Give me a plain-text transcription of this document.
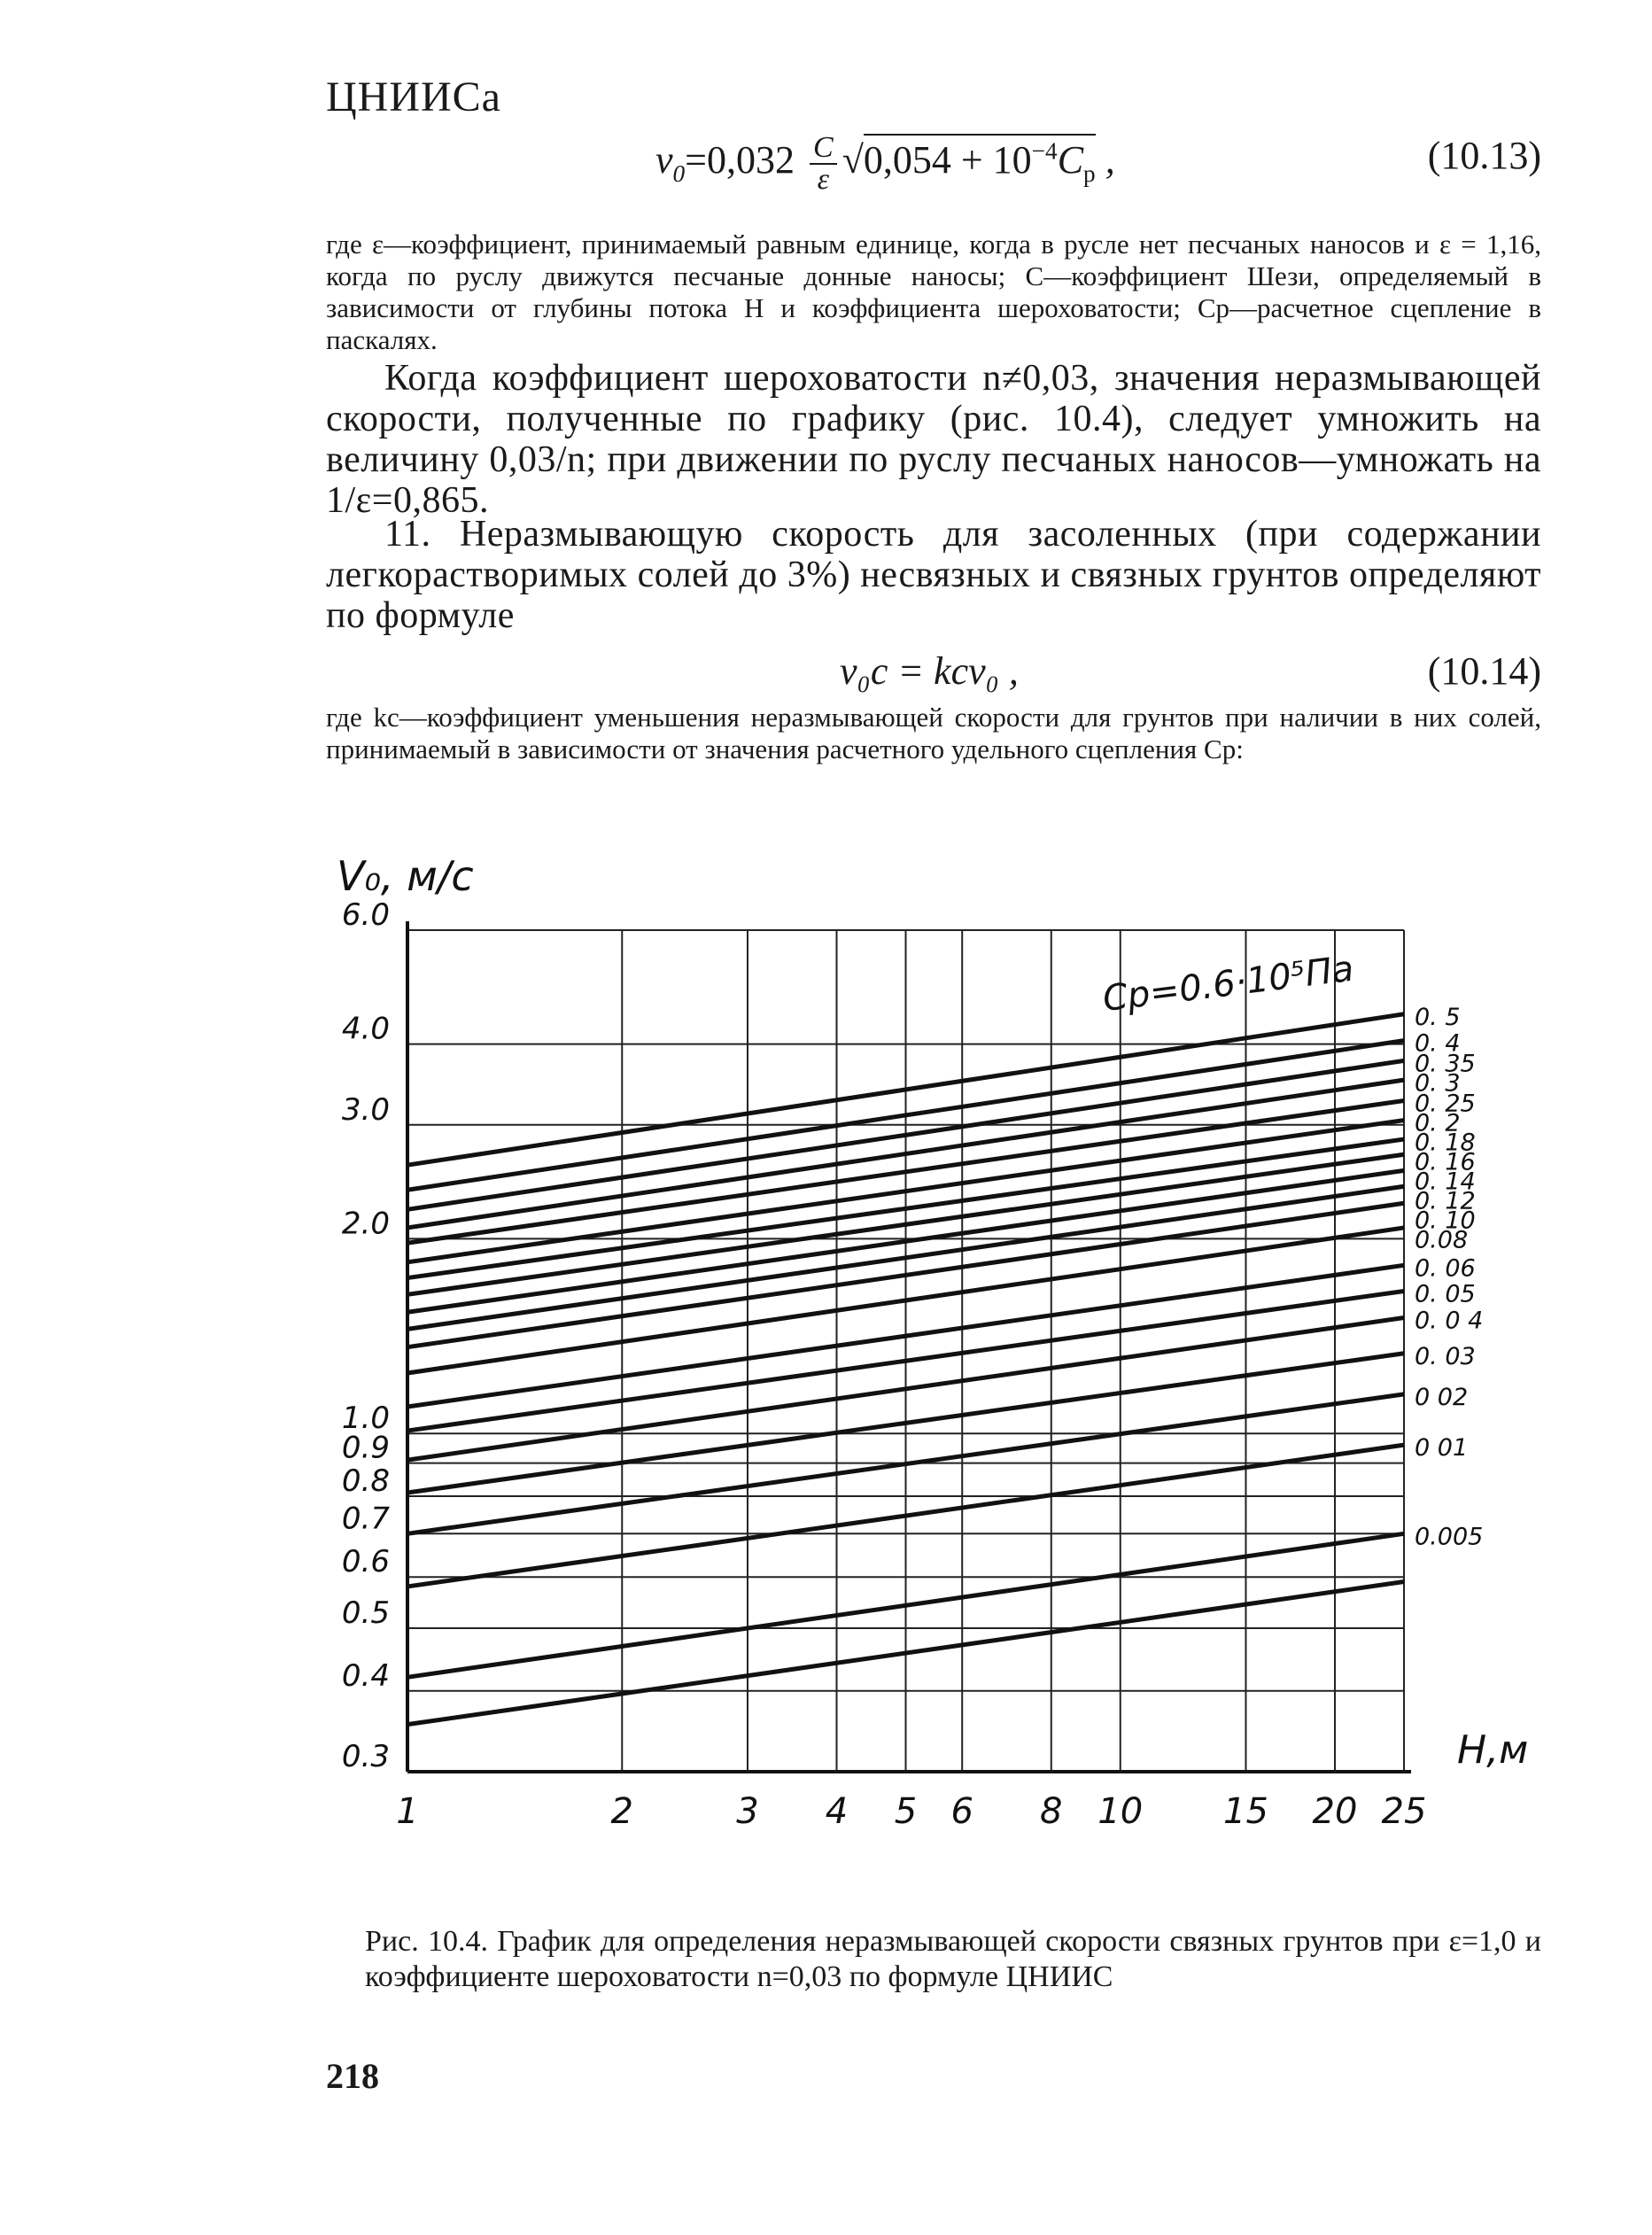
ЦНИИСа
$v_0=0,032 \frac{C}{\varepsilon} √0,054 + 10^{-4}C_p$ ,	(10.13)
где ε—коэффициент, принимаемый равным единице, когда в русле нет песчаных наносов и ε = 1,16, когда по руслу движутся песчаные донные наносы; C—коэффициент Шези, определяемый в зависимости от глубины потока H и коэффициента шероховатости; Cр—расчетное сцепление в паскалях.
Когда коэффициент шероховатости n≠0,03, значения неразмывающей скорости, полученные по графику (рис. 10.4), следует умножить на величину 0,03/n; при движении по руслу песчаных наносов—умножать на 1/ε=0,865.
11. Неразмывающую скорость для засоленных (при содержании легкорастворимых солей до 3%) несвязных и связных грунтов определяют по формуле
v₀c = kcv₀ ,	(10.14)
где kс—коэффициент уменьшения неразмывающей скорости для грунтов при наличии в них солей, принимаемый в зависимости от значения расчетного удельного сцепления Cр:
1	2	3 4 5 6 8 10 15 20 25
0.3
0.4
0.5
0.6
0.7
0.8
0.9
1.0
2.0
3.0
4.0
6.0
V₀, м/с
H,м
0. 5
0. 4
0. 35
0. 3
0. 25
0. 2
0. 18
0. 16
0. 14
0. 12
0. 10
0.08
0. 06
0. 05
0. 0 4
0. 03
0 02
0 01
0.005
Cр=0.6·10⁵Па
Рис. 10.4. График для определения неразмывающей скорости связных грунтов при ε=1,0 и коэффициенте шероховатости n=0,03 по формуле ЦНИИС
218
